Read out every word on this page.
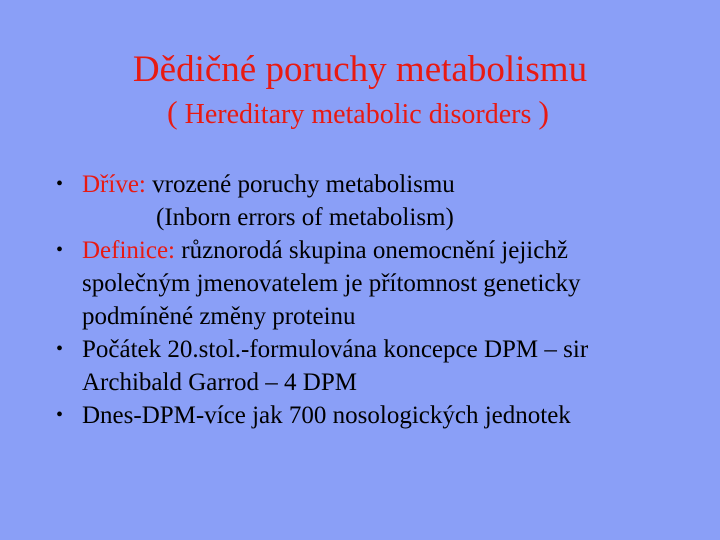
Dědičné poruchy metabolismu
( Hereditary metabolic disorders )
• Dříve: vrozené poruchy metabolismu
(Inborn errors of metabolism)
• Definice: různorodá skupina onemocnění jejichž
společným jmenovatelem je přítomnost geneticky
podmíněné změny proteinu
• Počátek 20.stol.-formulována koncepce DPM – sir
Archibald Garrod – 4 DPM
• Dnes-DPM-více jak 700 nosologických jednotek
